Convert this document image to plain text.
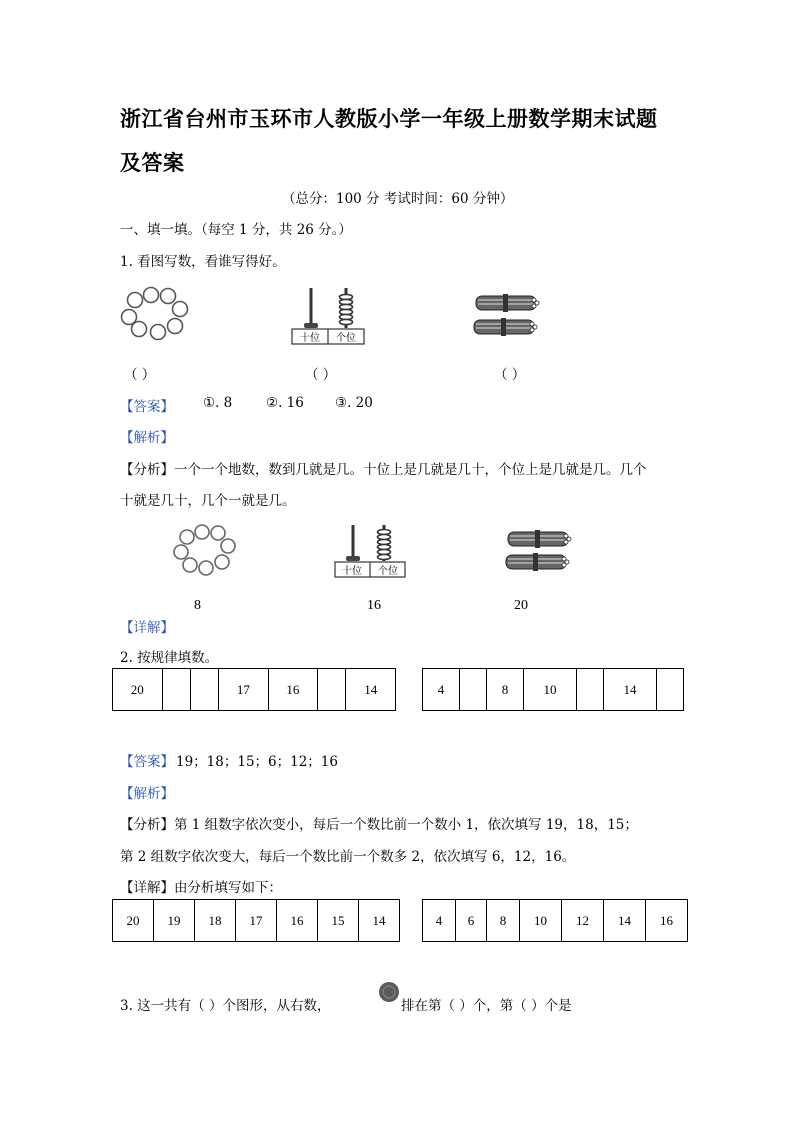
浙江省台州市玉环市人教版小学一年级上册数学期末试题
及答案
（总分：100 分 考试时间：60 分钟）
一、填一填。（每空 1 分，共 26 分。）
1. 看图写数，看谁写得好。
十位 个位
（ ）	（ ）	（ ）
【答案】 ①. 8 ②. 16 ③. 20
【解析】
【分析】一个一个地数，数到几就是几。十位上是几就是几十，个位上是几就是几。几个
十就是几十，几个一就是几。
十位 个位
8	16	20
【详解】
2. 按规律填数。
20			17	16		14	4		8	10		14	
【答案】 19；18；15；6；12；16
【解析】
【分析】第 1 组数字依次变小，每后一个数比前一个数小 1，依次填写 19，18，15；
第 2 组数字依次变大，每后一个数比前一个数多 2，依次填写 6，12，16。
【详解】由分析填写如下：
20	19	18	17	16	15	14	4	6	8	10	12	14	16
3. 这一共有（ ）个图形，从右数，	排在第（ ）个，第（ ）个是
